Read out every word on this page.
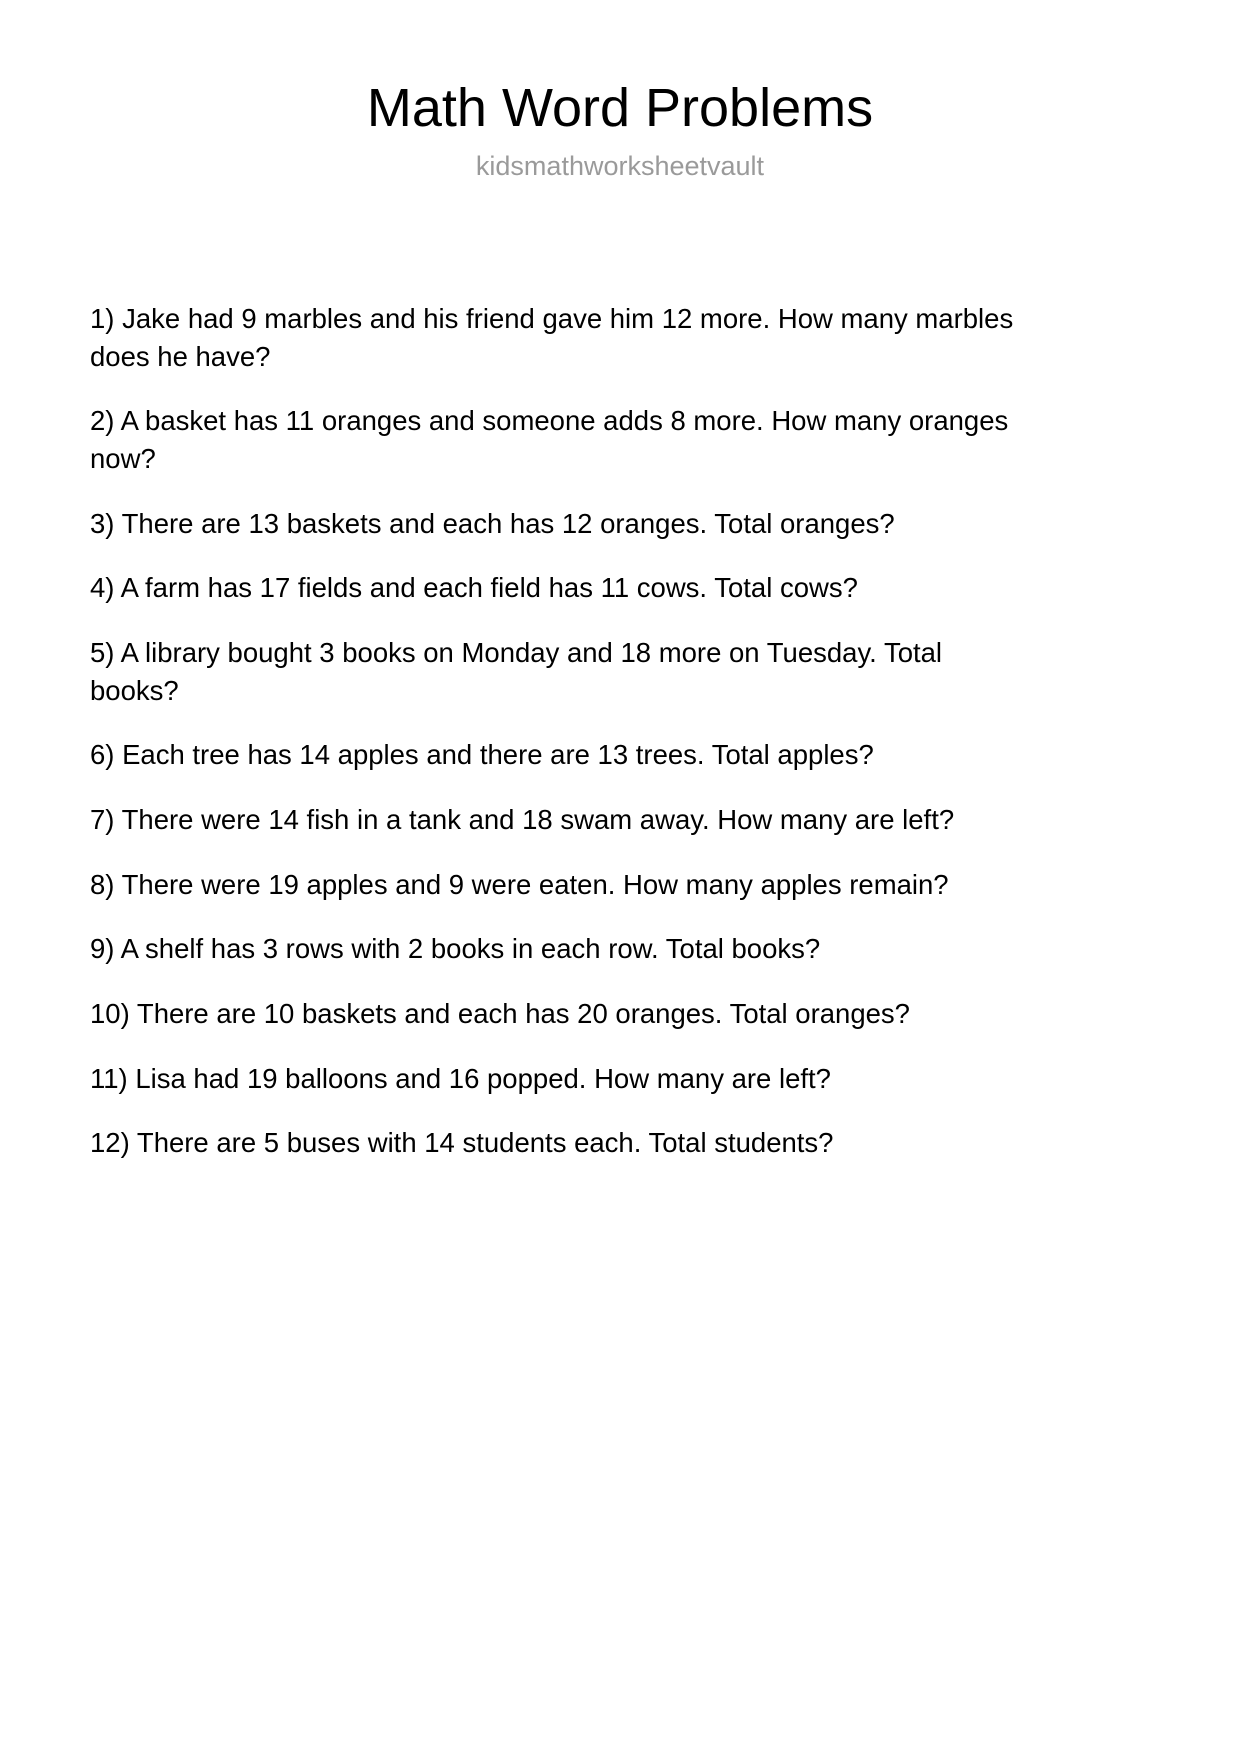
Math Word Problems
kidsmathworksheetvault

1) Jake had 9 marbles and his friend gave him 12 more. How many marbles does he have?

2) A basket has 11 oranges and someone adds 8 more. How many oranges now?

3) There are 13 baskets and each has 12 oranges. Total oranges?

4) A farm has 17 fields and each field has 11 cows. Total cows?

5) A library bought 3 books on Monday and 18 more on Tuesday. Total books?

6) Each tree has 14 apples and there are 13 trees. Total apples?

7) There were 14 fish in a tank and 18 swam away. How many are left?

8) There were 19 apples and 9 were eaten. How many apples remain?

9) A shelf has 3 rows with 2 books in each row. Total books?

10) There are 10 baskets and each has 20 oranges. Total oranges?

11) Lisa had 19 balloons and 16 popped. How many are left?

12) There are 5 buses with 14 students each. Total students?
